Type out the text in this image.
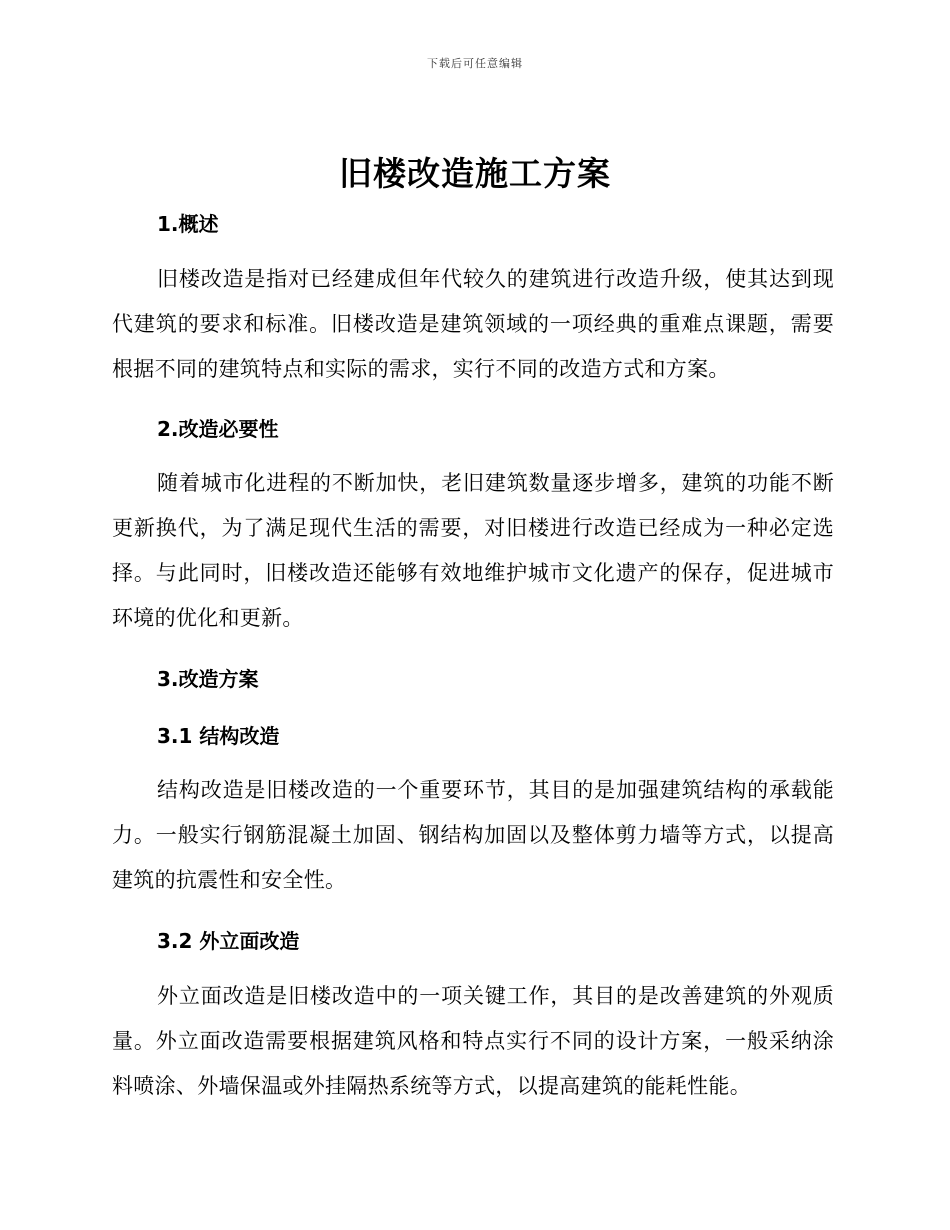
下载后可任意编辑
旧楼改造施工方案
1.概述

旧楼改造是指对已经建成但年代较久的建筑进行改造升级，使其达到现代建筑的要求和标准。旧楼改造是建筑领域的一项经典的重难点课题，需要根据不同的建筑特点和实际的需求，实行不同的改造方式和方案。

2.改造必要性

随着城市化进程的不断加快，老旧建筑数量逐步增多，建筑的功能不断更新换代，为了满足现代生活的需要，对旧楼进行改造已经成为一种必定选择。与此同时，旧楼改造还能够有效地维护城市文化遗产的保存，促进城市环境的优化和更新。

3.改造方案
3.1 结构改造

结构改造是旧楼改造的一个重要环节，其目的是加强建筑结构的承载能力。一般实行钢筋混凝土加固、钢结构加固以及整体剪力墙等方式，以提高建筑的抗震性和安全性。

3.2 外立面改造

外立面改造是旧楼改造中的一项关键工作，其目的是改善建筑的外观质量。外立面改造需要根据建筑风格和特点实行不同的设计方案，一般采纳涂料喷涂、外墙保温或外挂隔热系统等方式，以提高建筑的能耗性能。
